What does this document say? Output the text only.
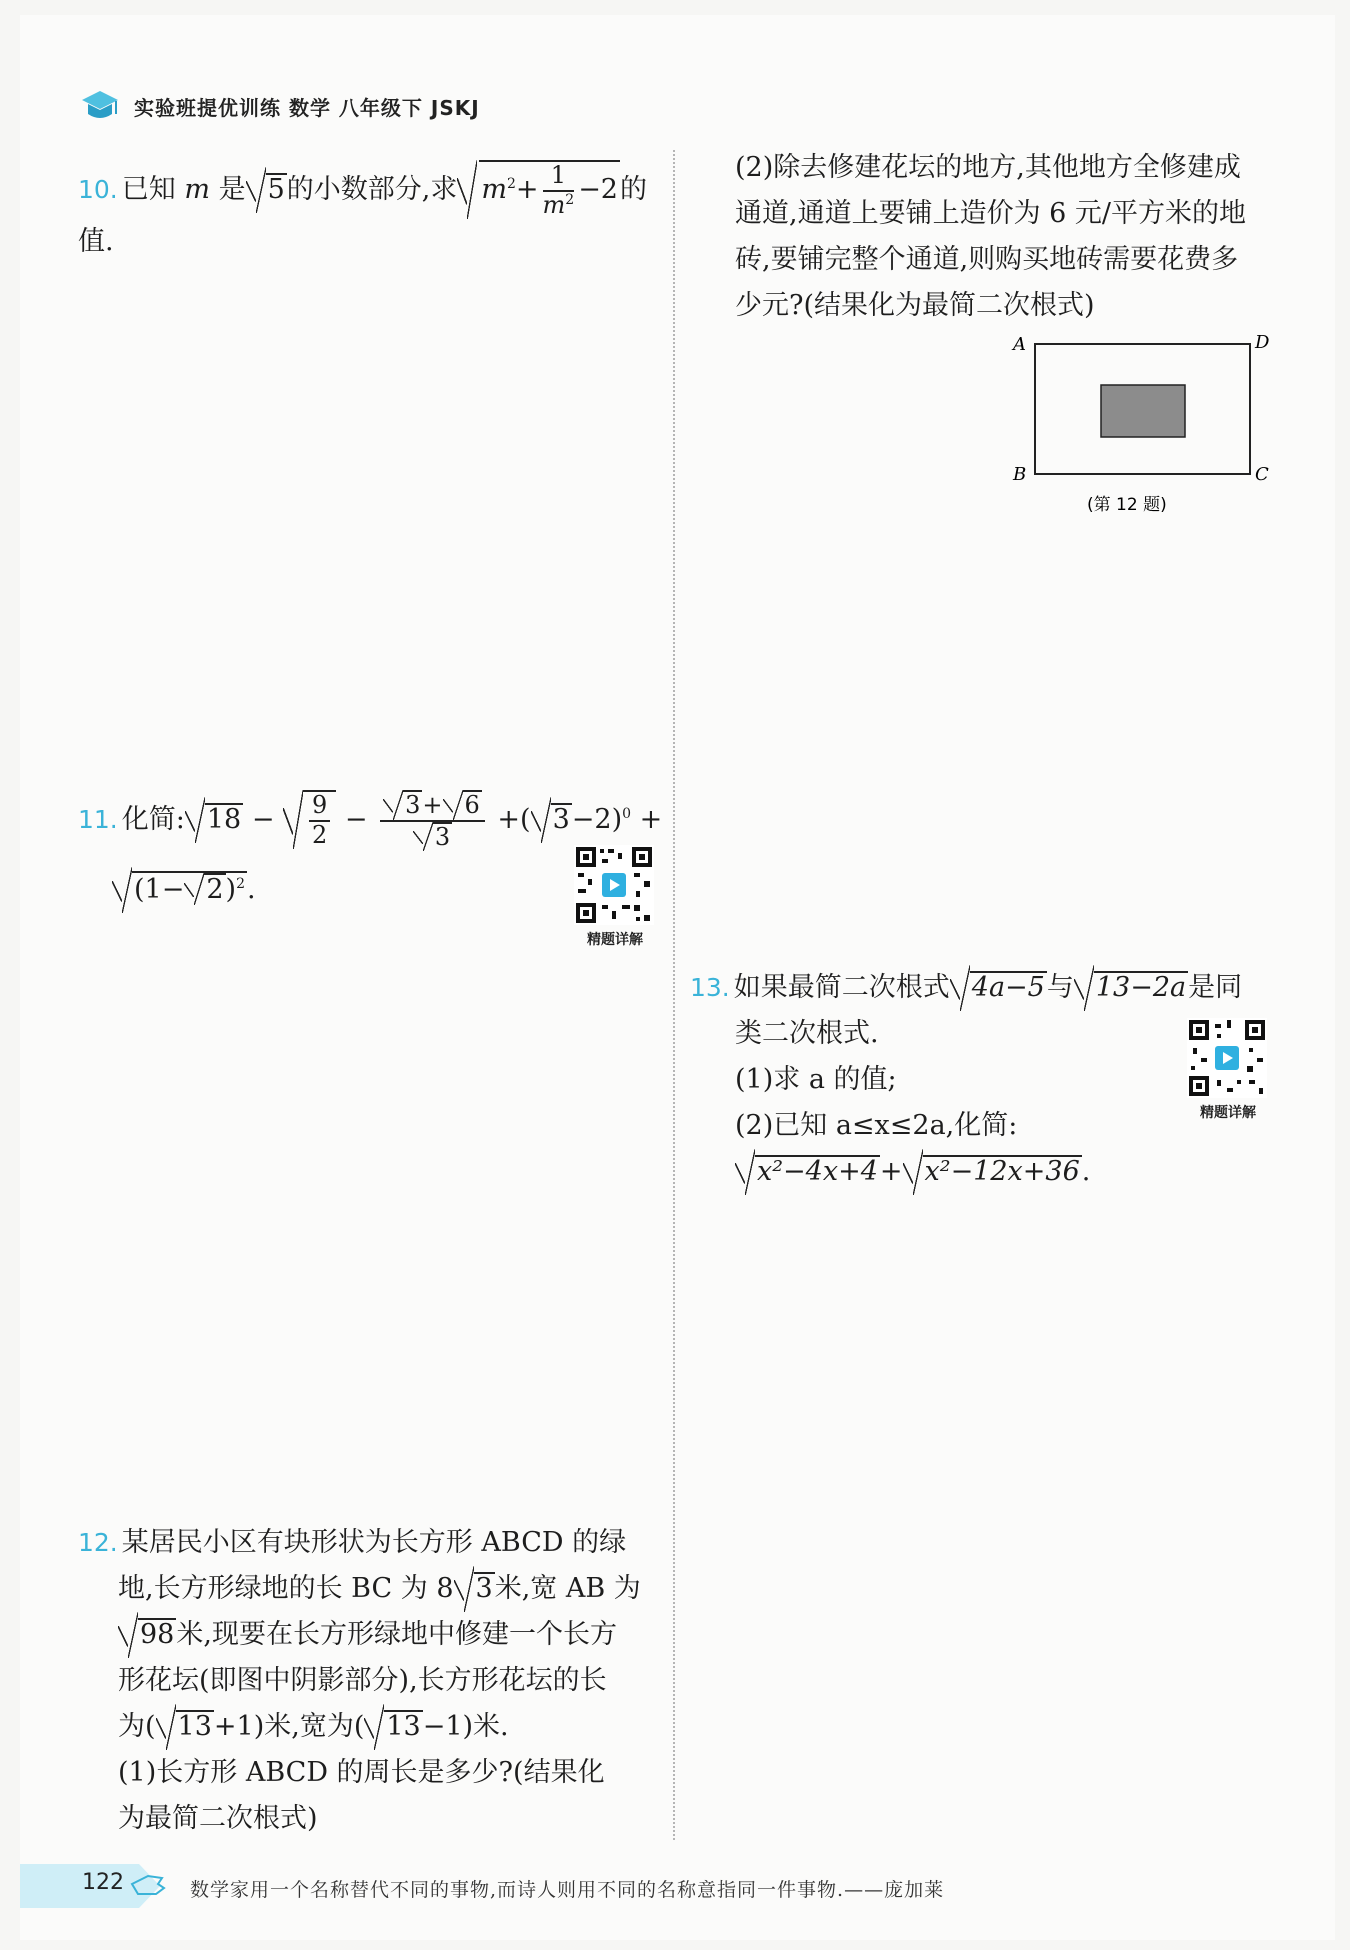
实验班提优训练 数学 八年级下 JSKJ
10. 已知 m 是 5的小数部分,求 $m^2+ \frac{1}{m^2} -2$的值.
11. 化简: $18 - \frac{9}{2} - \frac{3+ 6}{3}$ +( 3−2)$^0$ +
$(1- 2)^2$.
精题详解
12. 某居民小区有块形状为长方形 ABCD 的绿
地,长方形绿地的长 BC 为 8 3米,宽 AB 为
98米,现要在长方形绿地中修建一个长方
形花坛(即图中阴影部分),长方形花坛的长
为( 13+1)米,宽为( 13−1)米.
(1)长方形 ABCD 的周长是多少?(结果化
为最简二次根式)
(2)除去修建花坛的地方,其他地方全修建成
通道,通道上要铺上造价为 6 元/平方米的地
砖,要铺完整个通道,则购买地砖需要花费多
少元?(结果化为最简二次根式)
A	D
B	C
(第 12 题)
13. 如果最简二次根式 4a−5与 13−2a是同
类二次根式.
(1)求 a 的值;
(2)已知 a≤x≤2a,化简:
x²−4x+4+ x²−12x+36.
精题详解
122	数学家用一个名称替代不同的事物,而诗人则用不同的名称意指同一件事物.——庞加莱
